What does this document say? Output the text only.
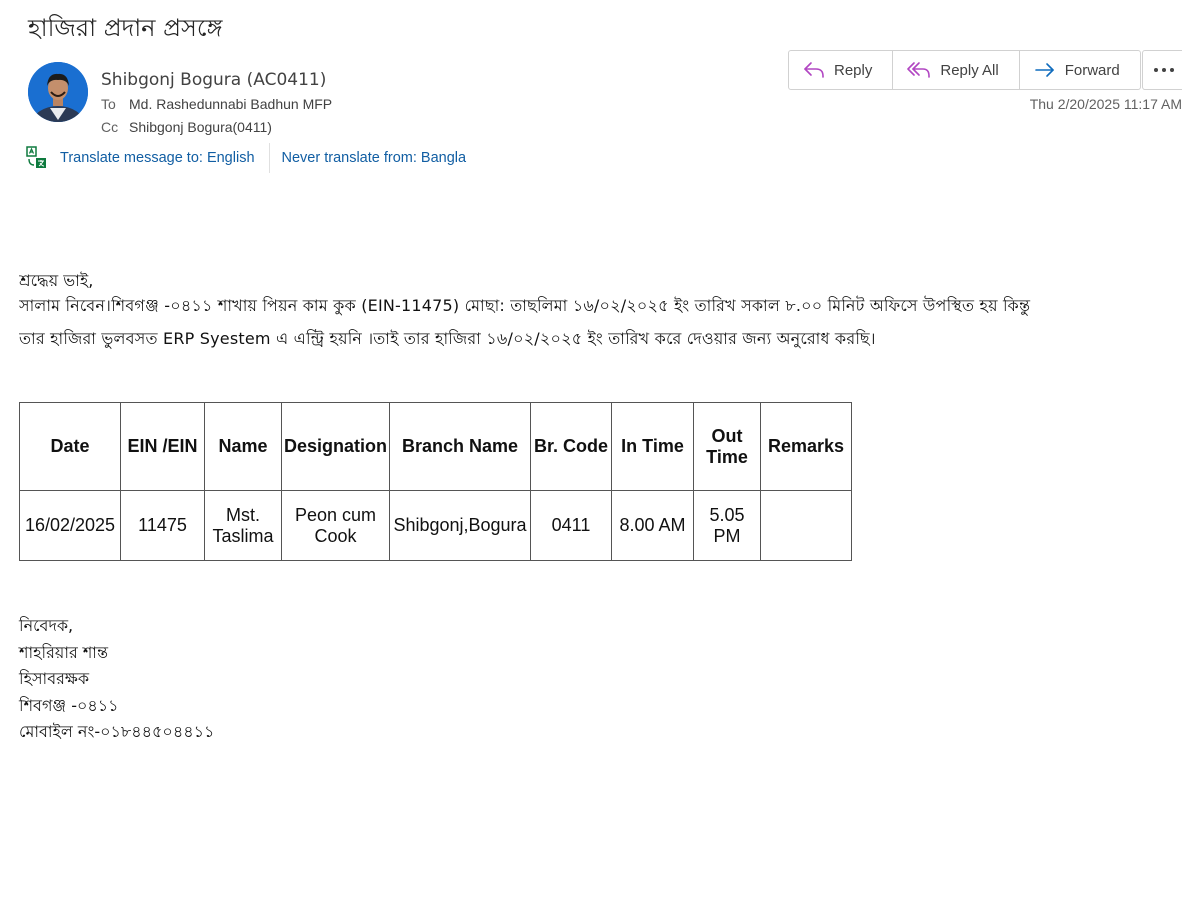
হাজিরা প্রদান প্রসঙ্গে
Shibgonj Bogura (AC0411)
To Md. Rashedunnabi Badhun MFP
Cc Shibgonj Bogura(0411)
Reply	Reply All	Forward
Thu 2/20/2025 11:17 AM
Translate message to: English Never translate from: Bangla
শ্রদ্ধেয় ভাই,
সালাম নিবেন।শিবগঞ্জ -০৪১১ শাখায় পিয়ন কাম কুক (EIN-11475) মোছা: তাছলিমা ১৬/০২/২০২৫ ইং তারিখ সকাল ৮.০০ মিনিট অফিসে উপস্থিত হয় কিন্তু
তার হাজিরা ভুলবসত ERP Syestem এ এন্ট্রি হয়নি ।তাই তার হাজিরা ১৬/০২/২০২৫ ইং তারিখ করে দেওয়ার জন্য অনুরোধ করছি।
Date	EIN /EIN	Name	Designation	Branch Name	Br. Code	In Time	Out Time	Remarks
16/02/2025	11475	Mst. Taslima	Peon cum Cook	Shibgonj,Bogura	0411	8.00 AM	5.05 PM	
নিবেদক,
শাহরিয়ার শান্ত
হিসাবরক্ষক
শিবগঞ্জ -০৪১১
মোবাইল নং-০১৮৪৪৫০৪৪১১
